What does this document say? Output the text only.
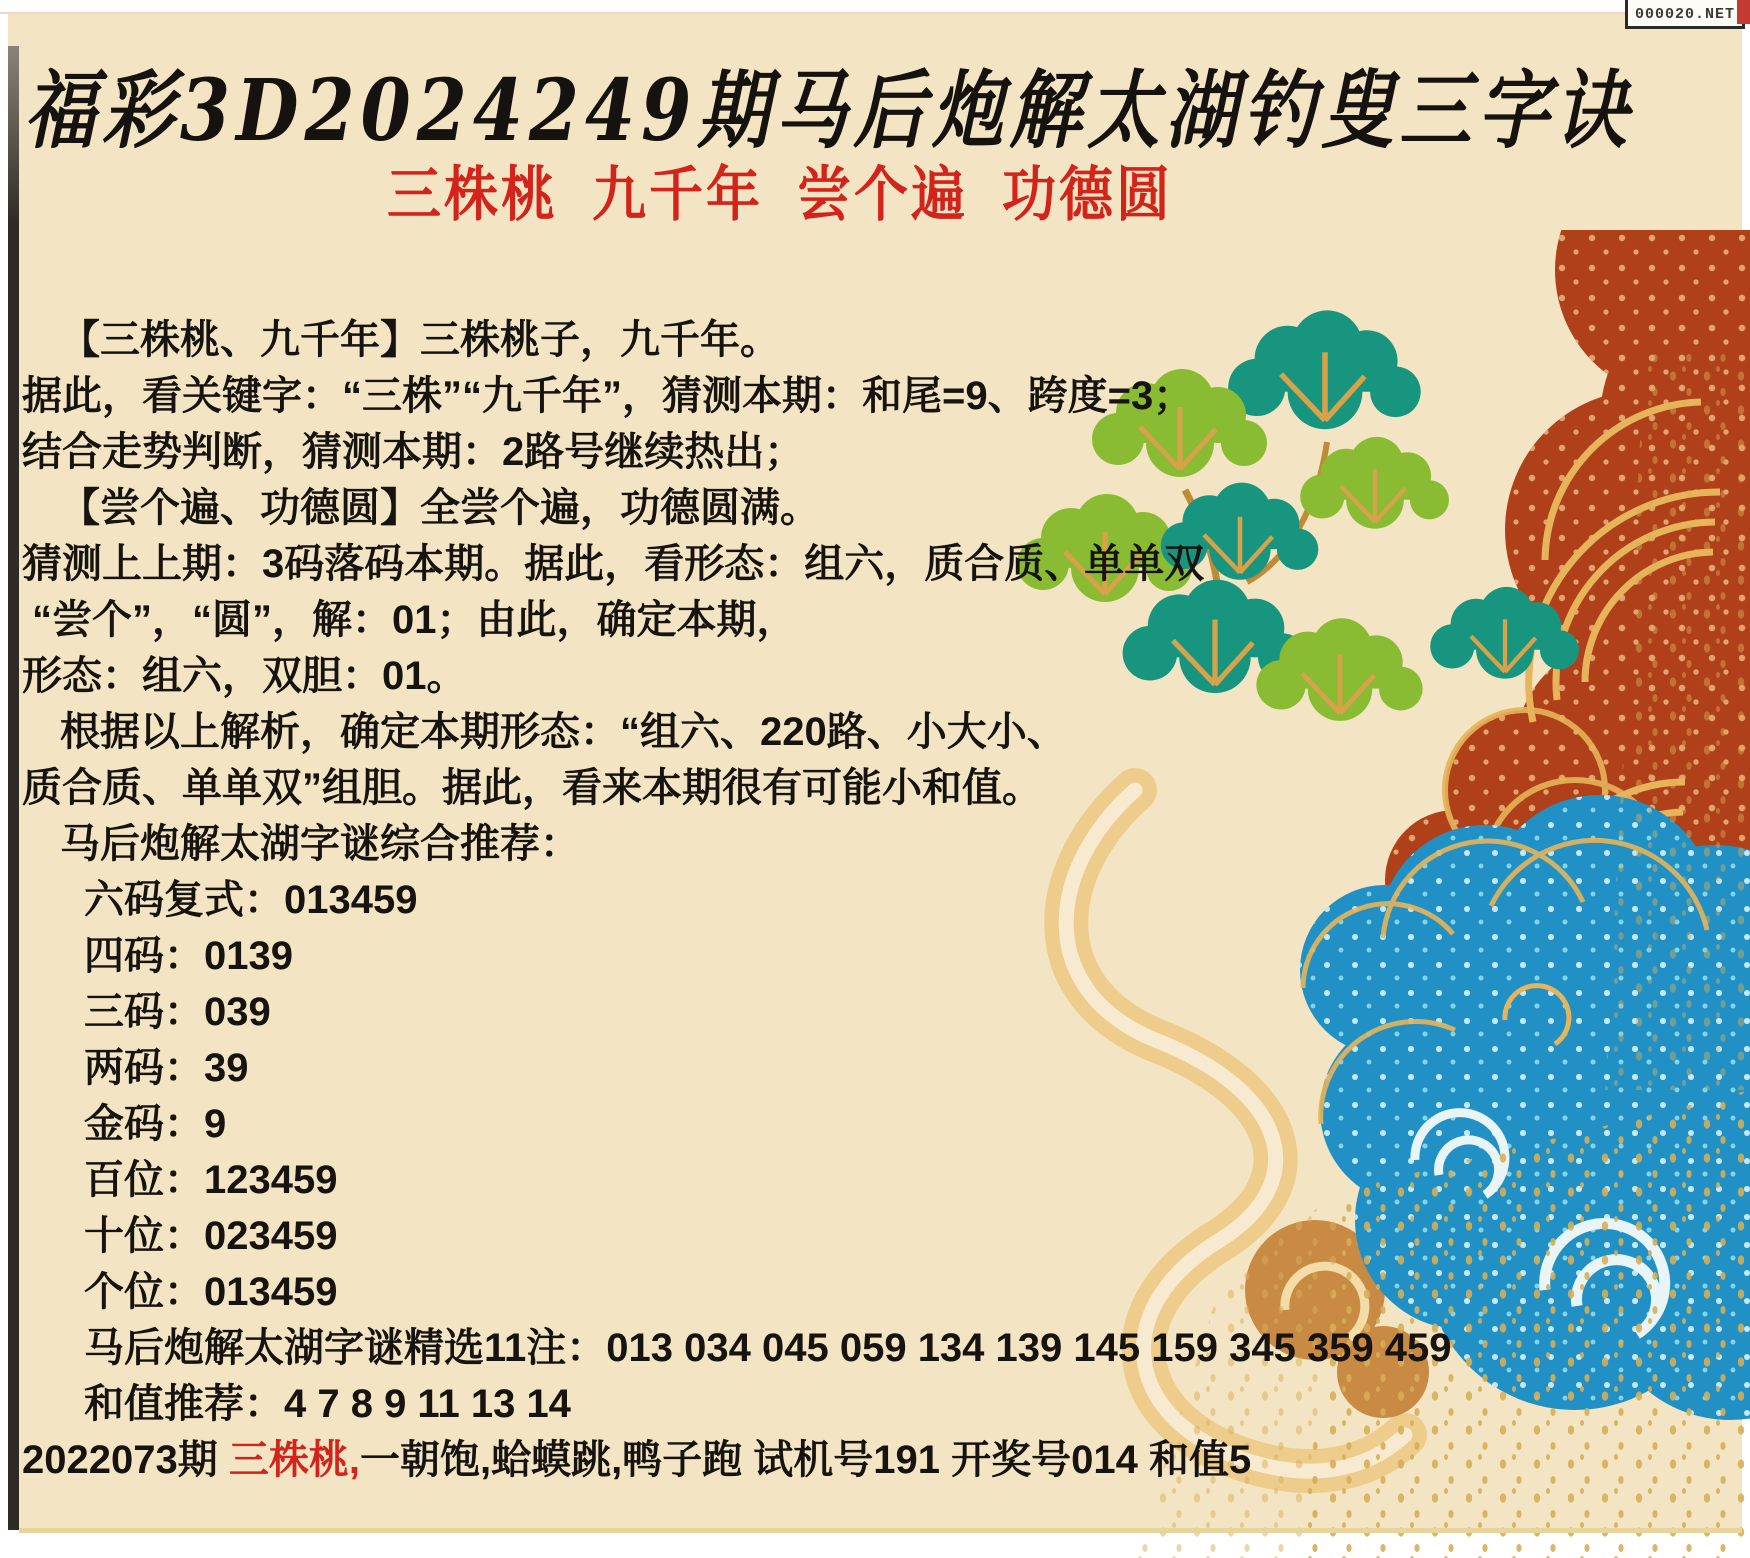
福彩3D2024249期马后炮解太湖钓叟三字诀
三株桃 九千年 尝个遍 功德圆
【三株桃、九千年】三株桃子，九千年。
据此，看关键字：“三株”“九千年”，猜测本期：和尾=9、跨度=3；
结合走势判断，猜测本期：2路号继续热出；
【尝个遍、功德圆】全尝个遍，功德圆满。
猜测上上期：3码落码本期。据此，看形态：组六，质合质、单单双
“尝个”，“圆”，解：01；由此，确定本期，
形态：组六，双胆：01。
根据以上解析，确定本期形态：“组六、220路、小大小、
质合质、单单双”组胆。据此，看来本期很有可能小和值。
马后炮解太湖字谜综合推荐：
六码复式：013459
四码：0139
三码：039
两码：39
金码：9
百位：123459
十位：023459
个位：013459
马后炮解太湖字谜精选11注：013 034 045 059 134 139 145 159 345 359 459
和值推荐：4 7 8 9 11 13 14
2022073期 三株桃,一朝饱,蛤蟆跳,鸭子跑 试机号191 开奖号014 和值5
000020.NET
